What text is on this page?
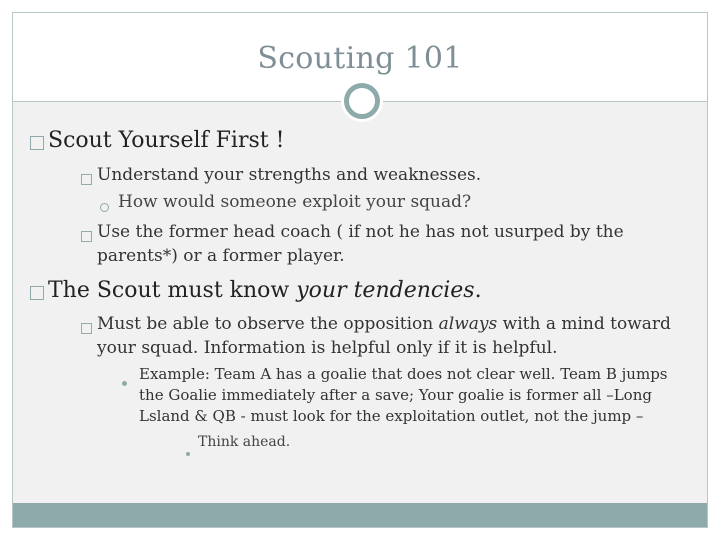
Scouting 101
Scout Yourself First !
Understand your strengths and weaknesses.
How would someone exploit your squad?
Use the former head coach ( if not he has not usurped by the
parents*) or a former player.
The Scout must know your tendencies.
Must be able to observe the opposition always with a mind toward
your squad. Information is helpful only if it is helpful.
Example: Team A has a goalie that does not clear well. Team B jumps
the Goalie immediately after a save; Your goalie is former all –Long
Lsland & QB - must look for the exploitation outlet, not the jump –
Think ahead.
